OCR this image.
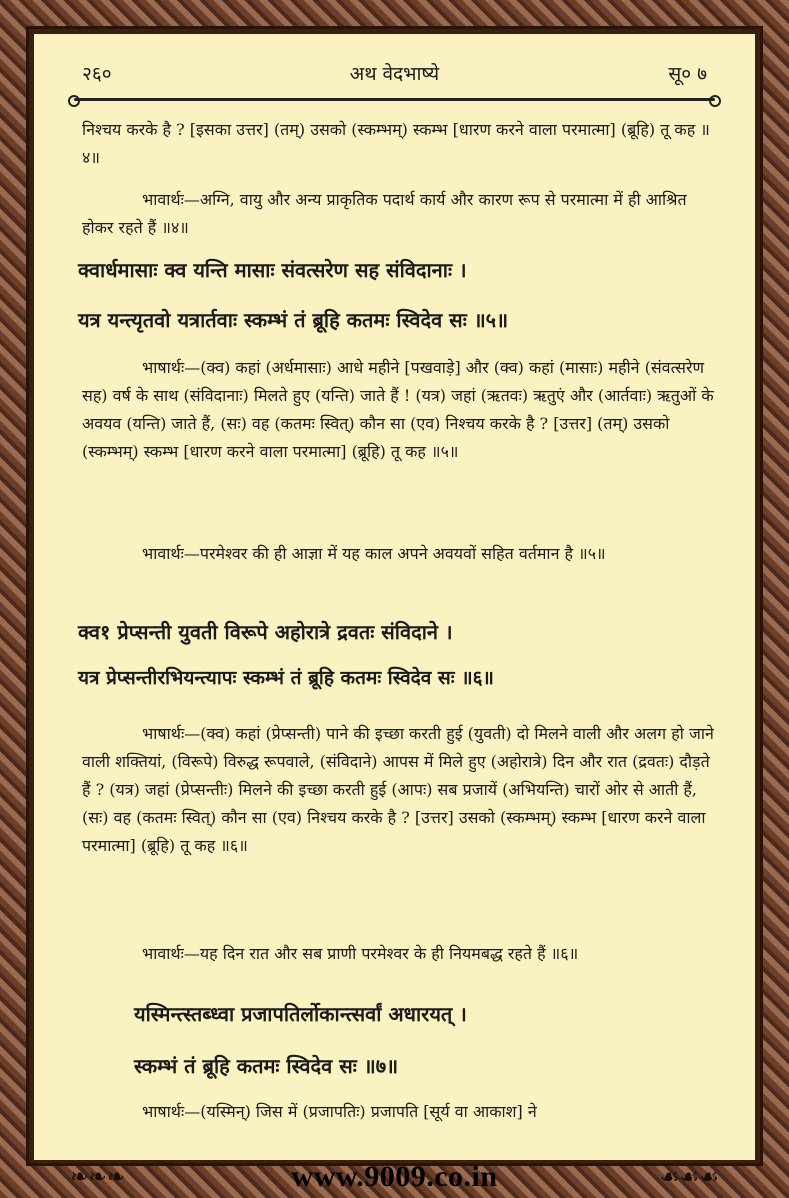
२६०	अथ वेदभाष्ये	सू० ७
निश्चय करके है ? [इसका उत्तर] (तम्) उसको (स्कम्भम्) स्कम्भ [धारण करने वाला परमात्मा] (ब्रूहि) तू कह ॥४॥
भावार्थः—अग्नि, वायु और अन्य प्राकृतिक पदार्थ कार्य और कारण रूप से परमात्मा में ही आश्रित होकर रहते हैं ॥४॥
क्वार्धमासाः क्व यन्ति मासाः संवत्सरेण सह संविदानाः ।
यत्र यन्त्यृतवो यत्रार्तवाः स्कम्भं तं ब्रूहि कतमः स्विदेव सः ॥५॥
भाषार्थः—(क्व) कहां (अर्धमासाः) आधे महीने [पखवाड़े] और (क्व) कहां (मासाः) महीने (संवत्सरेण सह) वर्ष के साथ (संविदानाः) मिलते हुए (यन्ति) जाते हैं ! (यत्र) जहां (ऋतवः) ऋतुएं और (आर्तवाः) ऋतुओं के अवयव (यन्ति) जाते हैं, (सः) वह (कतमः स्वित्) कौन सा (एव) निश्चय करके है ? [उत्तर] (तम्) उसको (स्कम्भम्) स्कम्भ [धारण करने वाला परमात्मा] (ब्रूहि) तू कह ॥५॥
भावार्थः—परमेश्वर की ही आज्ञा में यह काल अपने अवयवों सहित वर्तमान है ॥५॥
क्व१ प्रेप्सन्ती युवती विरूपे अहोरात्रे द्रवतः संविदाने ।
यत्र प्रेप्सन्तीरभियन्त्यापः स्कम्भं तं ब्रूहि कतमः स्विदेव सः ॥६॥
भाषार्थः—(क्व) कहां (प्रेप्सन्ती) पाने की इच्छा करती हुई (युवती) दो मिलने वाली और अलग हो जाने वाली शक्तियां, (विरूपे) विरुद्ध रूपवाले, (संविदाने) आपस में मिले हुए (अहोरात्रे) दिन और रात (द्रवतः) दौड़ते हैं ? (यत्र) जहां (प्रेप्सन्तीः) मिलने की इच्छा करती हुई (आपः) सब प्रजायें (अभियन्ति) चारों ओर से आती हैं, (सः) वह (कतमः स्वित्) कौन सा (एव) निश्चय करके है ? [उत्तर] उसको (स्कम्भम्) स्कम्भ [धारण करने वाला परमात्मा] (ब्रूहि) तू कह ॥६॥
भावार्थः—यह दिन रात और सब प्राणी परमेश्वर के ही नियमबद्ध रहते हैं ॥६॥
यस्मिन्त्स्तब्ध्वा प्रजापतिर्लोकान्त्सर्वां अधारयत् ।
स्कम्भं तं ब्रूहि कतमः स्विदेव सः ॥७॥
भाषार्थः—(यस्मिन्) जिस में (प्रजापतिः) प्रजापति [सूर्य वा आकाश] ने
❧❧❧	www.9009.co.in	☙☙☙
